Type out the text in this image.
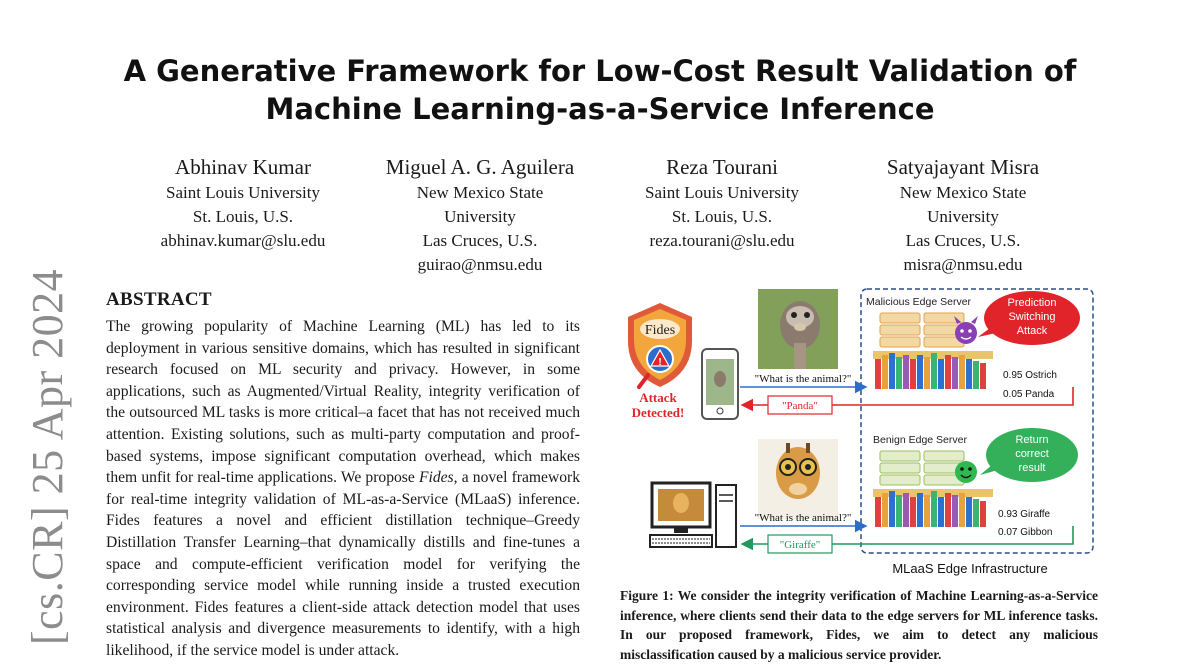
[cs.CR] 25 Apr 2024
A Generative Framework for Low-Cost Result Validation of
Machine Learning-as-a-Service Inference
Abhinav Kumar
Saint Louis University
St. Louis, U.S.
abhinav.kumar@slu.edu
Miguel A. G. Aguilera
New Mexico State
University
Las Cruces, U.S.
guirao@nmsu.edu
Reza Tourani
Saint Louis University
St. Louis, U.S.
reza.tourani@slu.edu
Satyajayant Misra
New Mexico State
University
Las Cruces, U.S.
misra@nmsu.edu
ABSTRACT
The growing popularity of Machine Learning (ML) has led to its deployment in various sensitive domains, which has resulted in significant research focused on ML security and privacy. However, in some applications, such as Augmented/Virtual Reality, integrity verification of the outsourced ML tasks is more critical–a facet that has not received much attention. Existing solutions, such as multi-party computation and proof-based systems, impose significant computation overhead, which makes them unfit for real-time applications. We propose Fides, a novel framework for real-time integrity validation of ML-as-a-Service (MLaaS) inference. Fides features a novel and efficient distillation technique–Greedy Distillation Transfer Learning–that dynamically distills and fine-tunes a space and compute-efficient verification model for verifying the corresponding service model while running inside a trusted execution environment. Fides features a client-side attack detection model that uses statistical analysis and divergence measurements to identify, with a high likelihood, if the service model is under attack.
Fides
!
Attack
Detected!
Malicious Edge Server	Prediction
Switching
Attack
0.95 Ostrich
0.05 Panda
"What is the animal?"
"Panda"
Benign Edge Server	Return
correct
result
0.93 Giraffe
0.07 Gibbon
"What is the animal?"
"Giraffe"
MLaaS Edge Infrastructure
Figure 1: We consider the integrity verification of Machine Learning-as-a-Service inference, where clients send their data to the edge servers for ML inference tasks. In our proposed framework, Fides, we aim to detect any malicious misclassification caused by a malicious service provider.
